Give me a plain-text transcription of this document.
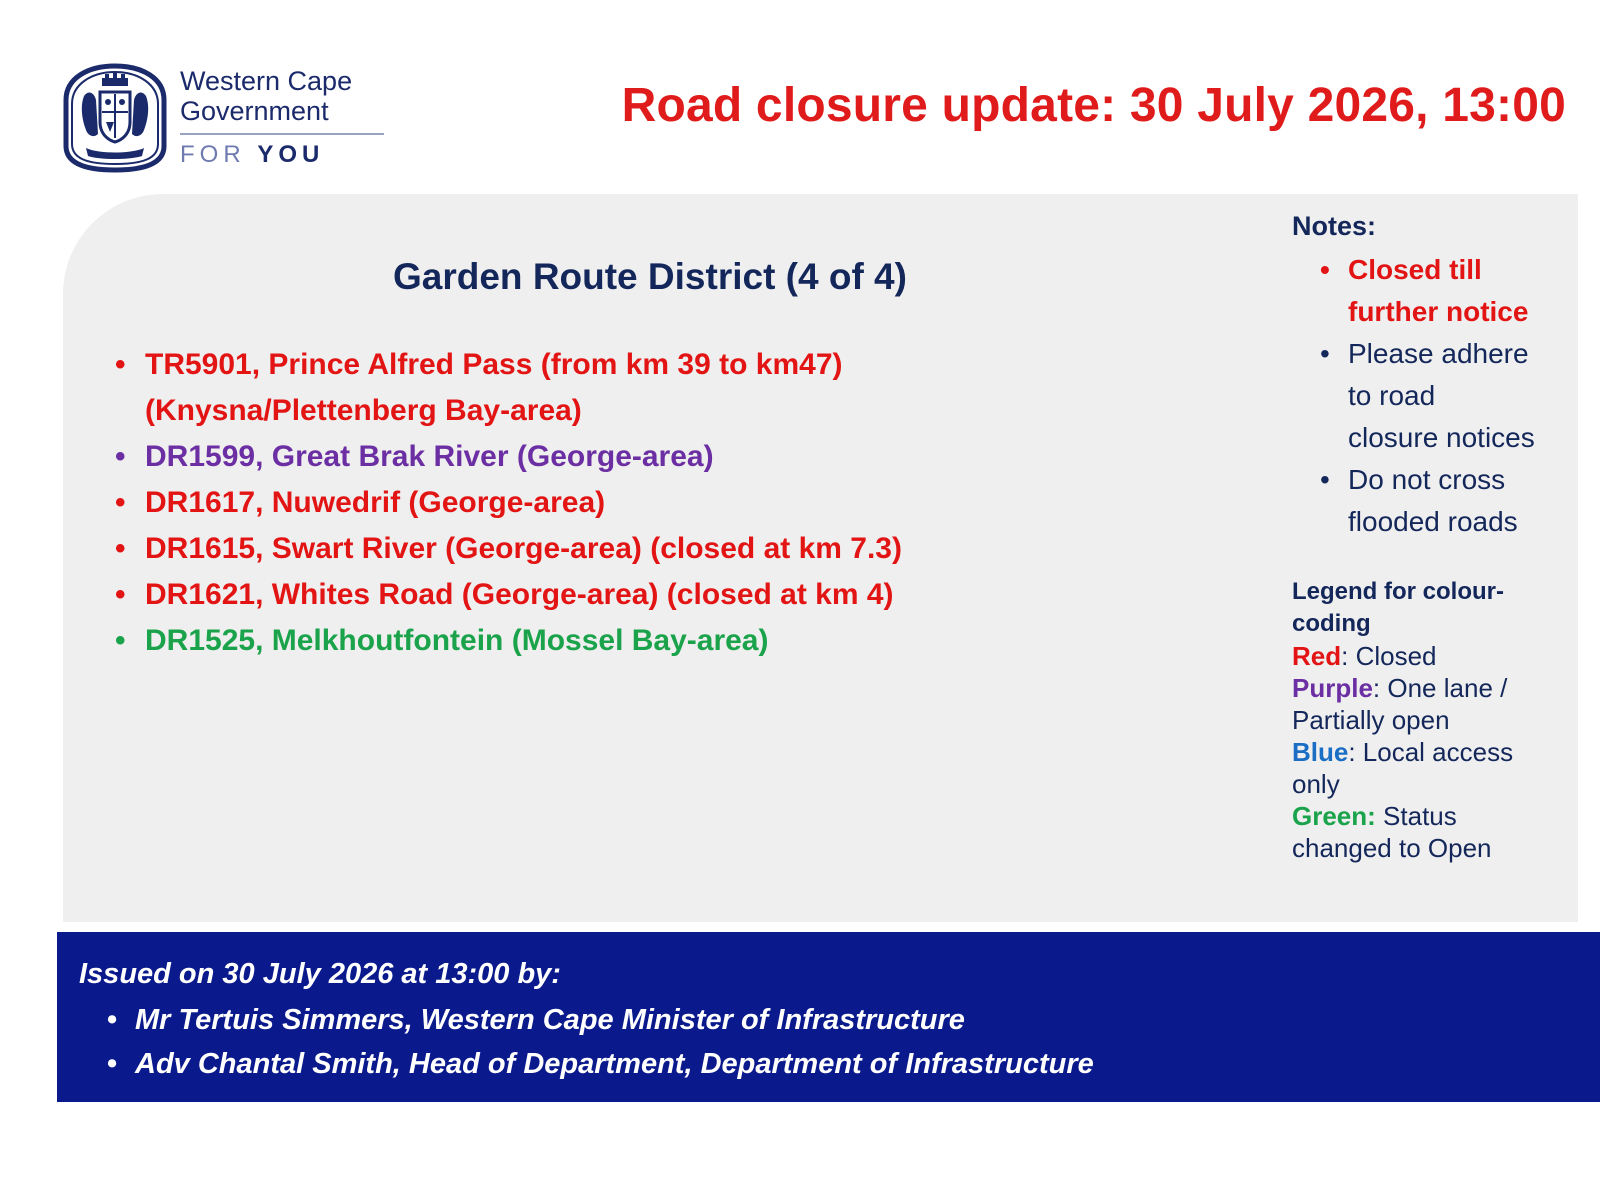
Western Cape
Government
FOR YOU
Road closure update: 30 July 2026, 13:00
Garden Route District (4 of 4)
• TR5901, Prince Alfred Pass (from km 39 to km47)
(Knysna/Plettenberg Bay-area)
• DR1599, Great Brak River (George-area)
• DR1617, Nuwedrif (George-area)
• DR1615, Swart River (George-area) (closed at km 7.3)
• DR1621, Whites Road (George-area) (closed at km 4)
• DR1525, Melkhoutfontein (Mossel Bay-area)
Notes:
• Closed till
further notice
• Please adhere
to road
closure notices
• Do not cross
flooded roads
Legend for colour-
coding
Red: Closed
Purple: One lane /
Partially open
Blue: Local access
only
Green: Status
changed to Open
Issued on 30 July 2026 at 13:00 by:
• Mr Tertuis Simmers, Western Cape Minister of Infrastructure
• Adv Chantal Smith, Head of Department, Department of Infrastructure
